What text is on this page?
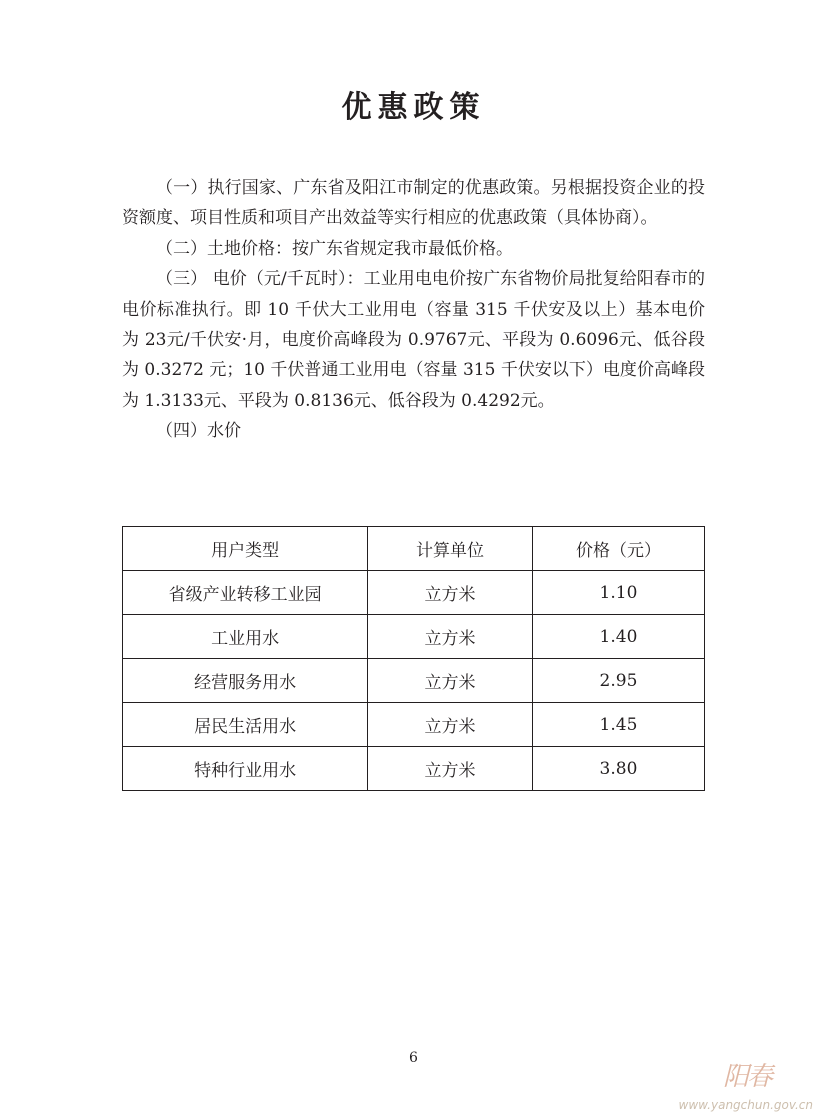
优惠政策

（一）执行国家、广东省及阳江市制定的优惠政策。另根据投资企业的投资额度、项目性质和项目产出效益等实行相应的优惠政策（具体协商）。

（二）土地价格：按广东省规定我市最低价格。

（三） 电价（元/千瓦时）：工业用电电价按广东省物价局批复给阳春市的电价标准执行。即 10 千伏大工业用电（容量 315 千伏安及以上）基本电价为 23元/千伏安·月，电度价高峰段为 0.9767元、平段为 0.6096元、低谷段为 0.3272 元；10 千伏普通工业用电（容量 315 千伏安以下）电度价高峰段为 1.3133元、平段为 0.8136元、低谷段为 0.4292元。

（四）水价

用户类型	计算单位	价格（元）
省级产业转移工业园	立方米	1.10
工业用水	立方米	1.40
经营服务用水	立方米	2.95
居民生活用水	立方米	1.45
特种行业用水	立方米	3.80
6
阳春
www.yangchun.gov.cn
